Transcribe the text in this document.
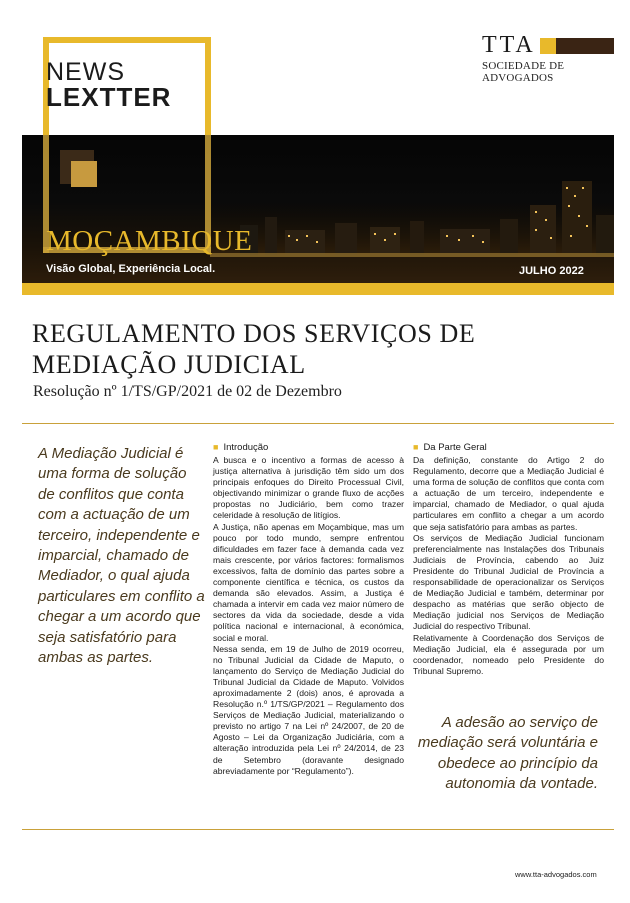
NEWS
LEXTTER
TTA
SOCIEDADE DE ADVOGADOS
MOÇAMBIQUE
Visão Global, Experiência Local.	JULHO 2022
REGULAMENTO DOS SERVIÇOS DE
MEDIAÇÃO JUDICIAL
Resolução nº 1/TS/GP/2021 de 02 de Dezembro
A Mediação Judicial é uma forma de solução de conflitos que conta com a actuação de um terceiro, independente e imparcial, chamado de Mediador, o qual ajuda particulares em conflito a chegar a um acordo que seja satisfatório para ambas as partes.
■ Introdução

A busca e o incentivo a formas de acesso à justiça alternativa à jurisdição têm sido um dos principais enfoques do Direito Processual Civil, objectivando minimizar o grande fluxo de acções propostas no Judiciário, bem como trazer celeridade à resolução de litígios.

A Justiça, não apenas em Moçambique, mas um pouco por todo mundo, sempre enfrentou dificuldades em fazer face à demanda cada vez mais crescente, por vários factores: formalismos excessivos, falta de domínio das partes sobre a componente científica e técnica, os custos da demanda são elevados. Assim, a Justiça é chamada a intervir em cada vez maior número de sectores da vida da sociedade, desde a vida política nacional e internacional, à económica, social e moral.

Nessa senda, em 19 de Julho de 2019 ocorreu, no Tribunal Judicial da Cidade de Maputo, o lançamento do Serviço de Mediação Judicial do Tribunal Judicial da Cidade de Maputo. Volvidos aproximadamente 2 (dois) anos, é aprovada a Resolução n.º 1/TS/GP/2021 – Regulamento dos Serviços de Mediação Judicial, materializando o previsto no artigo 7 na Lei nº 24/2007, de 20 de Agosto – Lei da Organização Judiciária, com a alteração introduzida pela Lei nº 24/2014, de 23 de Setembro (doravante designado abreviadamente por “Regulamento”).

■ Da Parte Geral

Da definição, constante do Artigo 2 do Regulamento, decorre que a Mediação Judicial é uma forma de solução de conflitos que conta com a actuação de um terceiro, independente e imparcial, chamado de Mediador, o qual ajuda particulares em conflito a chegar a um acordo que seja satisfatório para ambas as partes.

Os serviços de Mediação Judicial funcionam preferencialmente nas Instalações dos Tribunais Judiciais de Província, cabendo ao Juiz Presidente do Tribunal Judicial de Província a responsabilidade de operacionalizar os Serviços de Mediação Judicial e também, determinar por despacho as matérias que serão objecto de Mediação judicial nos Serviços de Mediação Judicial do respectivo Tribunal.

Relativamente à Coordenação dos Serviços de Mediação Judicial, ela é assegurada por um coordenador, nomeado pelo Presidente do Tribunal Supremo.

A adesão ao serviço de mediação será voluntária e obedece ao princípio da autonomia da vontade.
www.tta-advogados.com
